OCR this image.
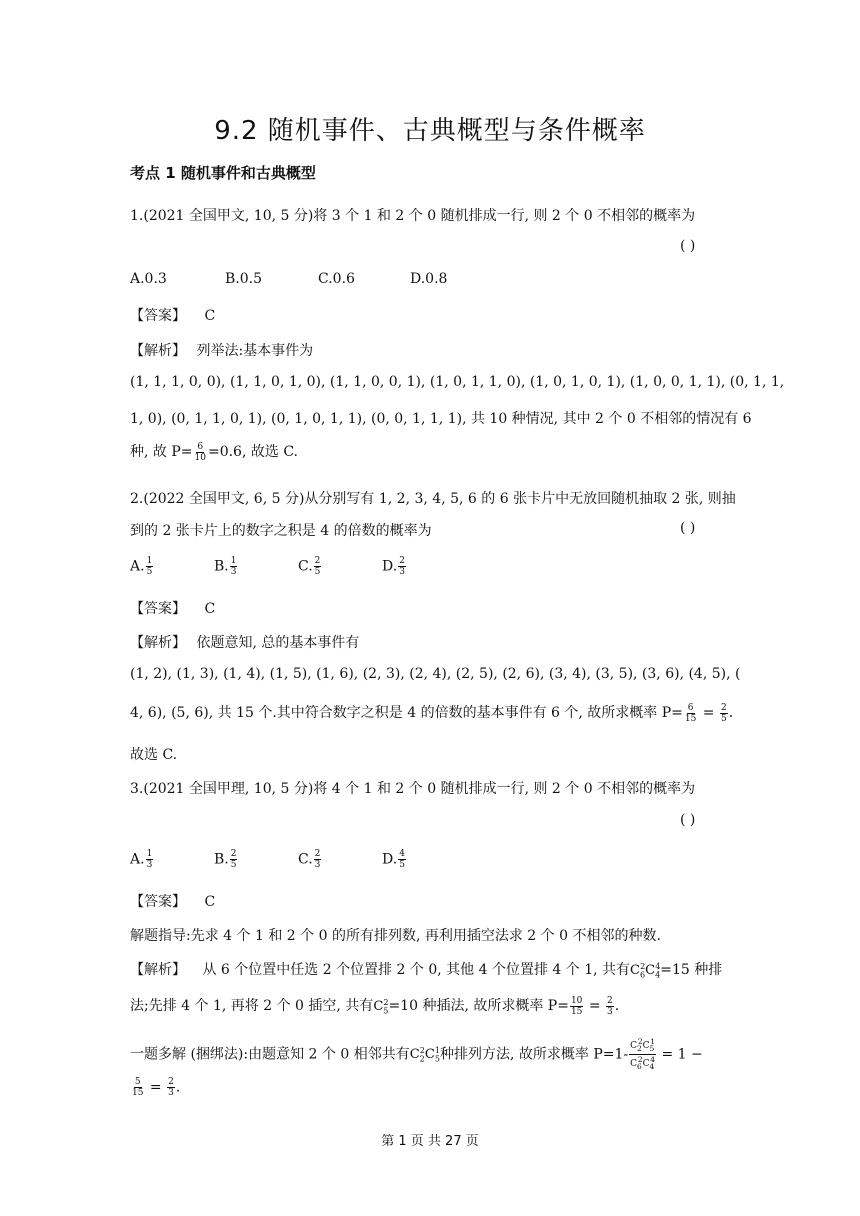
9.2 随机事件、古典概型与条件概率
考点 1 随机事件和古典概型
1.(2021 全国甲文, 10, 5 分)将 3 个 1 和 2 个 0 随机排成一行, 则 2 个 0 不相邻的概率为
( )
A.0.3	B.0.5	C.0.6	D.0.8
【答案】 C
【解析】 列举法:基本事件为
(1, 1, 1, 0, 0), (1, 1, 0, 1, 0), (1, 1, 0, 0, 1), (1, 0, 1, 1, 0), (1, 0, 1, 0, 1), (1, 0, 0, 1, 1), (0, 1, 1,
1, 0), (0, 1, 1, 0, 1), (0, 1, 0, 1, 1), (0, 0, 1, 1, 1), 共 10 种情况, 其中 2 个 0 不相邻的情况有 6
种, 故 $P= \frac{6}{10} =0.6$, 故选 C.
2.(2022 全国甲文, 6, 5 分)从分别写有 1, 2, 3, 4, 5, 6 的 6 张卡片中无放回随机抽取 2 张, 则抽
到的 2 张卡片上的数字之积是 4 的倍数的概率为	( )
A. $\frac{1}{5}$	B. $\frac{1}{3}$	C. $\frac{2}{5}$	D. $\frac{2}{3}$
【答案】 C
【解析】 依题意知, 总的基本事件有
(1, 2), (1, 3), (1, 4), (1, 5), (1, 6), (2, 3), (2, 4), (2, 5), (2, 6), (3, 4), (3, 5), (3, 6), (4, 5), (
4, 6), (5, 6), 共 15 个.其中符合数字之积是 4 的倍数的基本事件有 6 个, 故所求概率 $P= \frac{6}{15} = \frac{2}{5}$ .
故选 C.
3.(2021 全国甲理, 10, 5 分)将 4 个 1 和 2 个 0 随机排成一行, 则 2 个 0 不相邻的概率为
( )
A. $\frac{1}{3}$	B. $\frac{2}{5}$	C. $\frac{2}{3}$	D. $\frac{4}{5}$
【答案】 C
解题指导:先求 4 个 1 和 2 个 0 的所有排列数, 再利用插空法求 2 个 0 不相邻的种数.
【解析】 从 6 个位置中任选 2 个位置排 2 个 0, 其他 4 个位置排 4 个 1, 共有$C_6^2C_4^4=15$ 种排
法;先排 4 个 1, 再将 2 个 0 插空, 共有$C_5^2=10$ 种插法, 故所求概率 $P= \frac{10}{15} = \frac{2}{3}$ .
一题多解 (捆绑法):由题意知 2 个 0 相邻共有$C_2^2C_5^1$种排列方法, 故所求概率 $P=1- \frac{C_2^2C_5^1}{C_6^2C_4^4} = 1$ −
$\frac{5}{15} = \frac{2}{3}$ .
第 1 页 共 27 页
